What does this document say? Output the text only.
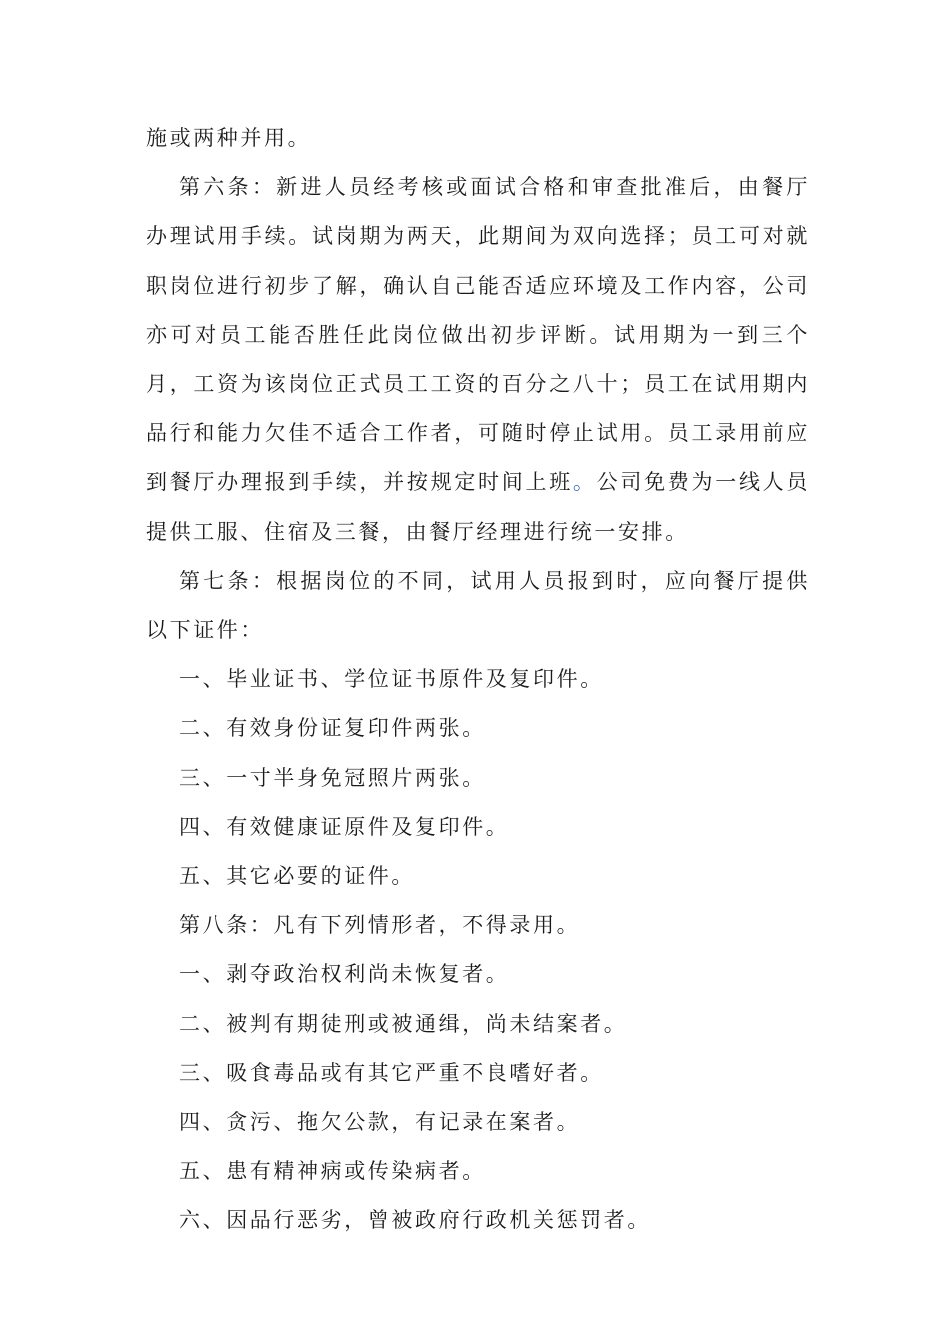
施或两种并用。

第六条：新进人员经考核或面试合格和审查批准后，由餐厅办理试用手续。试岗期为两天，此期间为双向选择；员工可对就职岗位进行初步了解，确认自己能否适应环境及工作内容，公司亦可对员工能否胜任此岗位做出初步评断。试用期为一到三个月，工资为该岗位正式员工工资的百分之八十；员工在试用期内品行和能力欠佳不适合工作者，可随时停止试用。员工录用前应到餐厅办理报到手续，并按规定时间上班。公司免费为一线人员提供工服、住宿及三餐，由餐厅经理进行统一安排。

第七条：根据岗位的不同，试用人员报到时，应向餐厅提供以下证件：

一、毕业证书、学位证书原件及复印件。

二、有效身份证复印件两张。

三、一寸半身免冠照片两张。

四、有效健康证原件及复印件。

五、其它必要的证件。

第八条：凡有下列情形者，不得录用。

一、剥夺政治权利尚未恢复者。

二、被判有期徒刑或被通缉，尚未结案者。

三、吸食毒品或有其它严重不良嗜好者。

四、贪污、拖欠公款，有记录在案者。

五、患有精神病或传染病者。

六、因品行恶劣，曾被政府行政机关惩罚者。
